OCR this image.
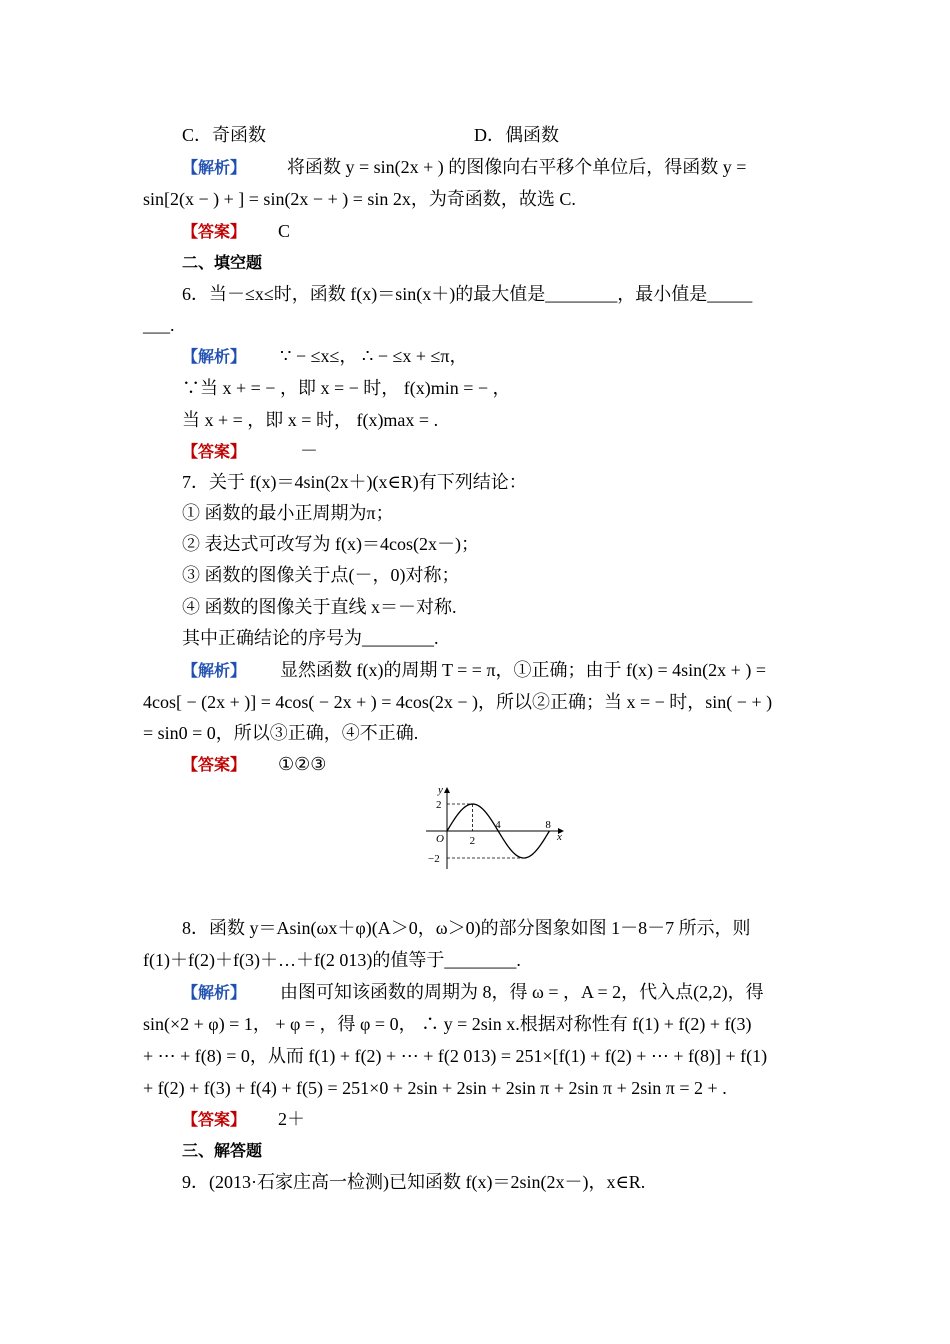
C．奇函数	D．偶函数
【解析】 将函数 y = sin(2x + ) 的图像向右平移个单位后，得函数 y =
sin[2(x − ) + ] = sin(2x − + ) = sin 2x，为奇函数，故选 C.
【答案】 C
二、填空题
6．当－≤x≤时，函数 f(x)＝sin(x＋)的最大值是________，最小值是_____
___.
【解析】 ∵ − ≤x≤， ∴ − ≤x + ≤π，
∵当 x + = − ，即 x = − 时， f(x)min = − ，
当 x + = ，即 x = 时， f(x)max = .
【答案】	－
7．关于 f(x)＝4sin(2x＋)(x∈R)有下列结论：
① 函数的最小正周期为π；
② 表达式可改写为 f(x)＝4cos(2x－)；
③ 函数的图像关于点(－，0)对称；
④ 函数的图像关于直线 x＝－对称.
其中正确结论的序号为________.
【解析】 显然函数 f(x)的周期 T = = π，①正确；由于 f(x) = 4sin(2x + ) =
4cos[ − (2x + )] = 4cos( − 2x + ) = 4cos(2x − )，所以②正确；当 x = − 时，sin( − + )
= sin0 = 0，所以③正确，④不正确.
【答案】 ①②③
y
x
O
2
−2
2
4	8
8．函数 y＝Asin(ωx＋φ)(A＞0，ω＞0)的部分图象如图 1－8－7 所示，则
f(1)＋f(2)＋f(3)＋…＋f(2 013)的值等于________.
【解析】 由图可知该函数的周期为 8，得 ω = ，A = 2，代入点(2,2)，得
sin(×2 + φ) = 1， + φ = ，得 φ = 0， ∴ y = 2sin x.根据对称性有 f(1) + f(2) + f(3)
+ ⋯ + f(8) = 0，从而 f(1) + f(2) + ⋯ + f(2 013) = 251×[f(1) + f(2) + ⋯ + f(8)] + f(1)
+ f(2) + f(3) + f(4) + f(5) = 251×0 + 2sin + 2sin + 2sin π + 2sin π + 2sin π = 2 + .
【答案】 2＋
三、解答题
9．(2013·石家庄高一检测)已知函数 f(x)＝2sin(2x－)，x∈R.
